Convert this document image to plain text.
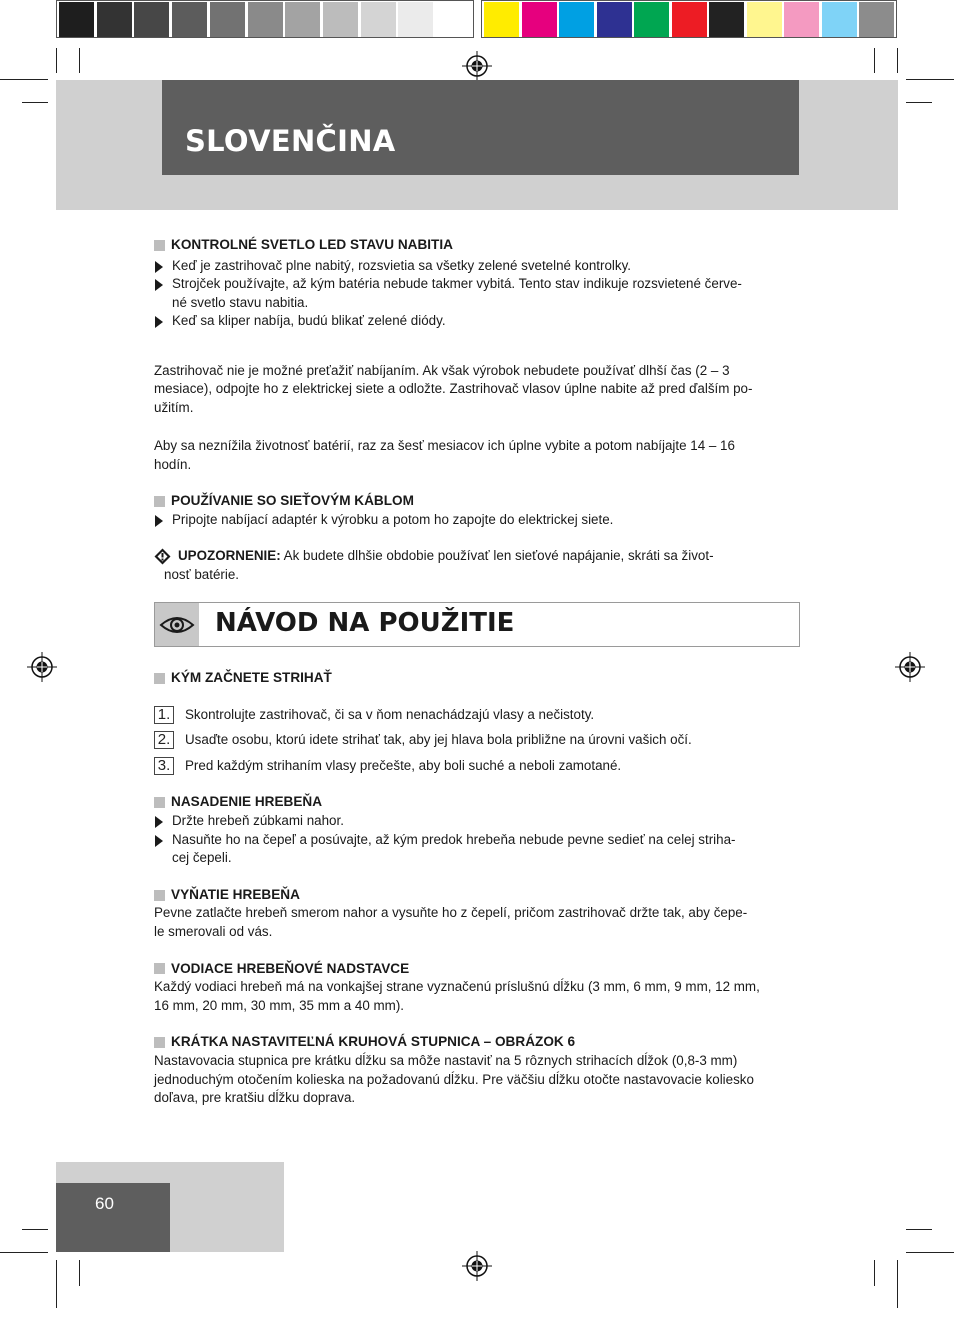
SLOVENČINA

KONTROLNÉ SVETLO LED STAVU NABITIA

Keď je zastrihovač plne nabitý, rozsvietia sa všetky zelené svetelné kontrolky.

Strojček používajte, až kým batéria nebude takmer vybitá. Tento stav indikuje rozsvietené červe-
né svetlo stavu nabitia.

Keď sa kliper nabíja, budú blikať zelené diódy.

Zastrihovač nie je možné preťažiť nabíjaním. Ak však výrobok nebudete používať dlhší čas (2 – 3
mesiace), odpojte ho z elektrickej siete a odložte. Zastrihovač vlasov úplne nabite až pred ďalším po-
užitím.

Aby sa neznížila životnosť batérií, raz za šesť mesiacov ich úplne vybite a potom nabíjajte 14 – 16
hodín.

POUŽÍVANIE SO SIEŤOVÝM KÁBLOM

Pripojte nabíjací adaptér k výrobku a potom ho zapojte do elektrickej siete.

UPOZORNENIE: Ak budete dlhšie obdobie používať len sieťové napájanie, skráti sa život-
nosť batérie.

NÁVOD NA POUŽITIE

KÝM ZAČNETE STRIHAŤ

1. Skontrolujte zastrihovač, či sa v ňom nenachádzajú vlasy a nečistoty.
2. Usaďte osobu, ktorú idete strihať tak, aby jej hlava bola približne na úrovni vašich očí.
3. Pred každým strihaním vlasy prečešte, aby boli suché a neboli zamotané.

NASADENIE HREBEŇA

Držte hrebeň zúbkami nahor.

Nasuňte ho na čepeľ a posúvajte, až kým predok hrebeňa nebude pevne sedieť na celej striha-
cej čepeli.

VYŇATIE HREBEŇA

Pevne zatlačte hrebeň smerom nahor a vysuňte ho z čepelí, pričom zastrihovač držte tak, aby čepe-
le smerovali od vás.

VODIACE HREBEŇOVÉ NADSTAVCE

Každý vodiaci hrebeň má na vonkajšej strane vyznačenú príslušnú dĺžku (3 mm, 6 mm, 9 mm, 12 mm,
16 mm, 20 mm, 30 mm, 35 mm a 40 mm).

KRÁTKA NASTAVITEĽNÁ KRUHOVÁ STUPNICA – OBRÁZOK 6

Nastavovacia stupnica pre krátku dĺžku sa môže nastaviť na 5 rôznych strihacích dĺžok (0,8-3 mm)
jednoduchým otočením kolieska na požadovanú dĺžku. Pre väčšiu dĺžku otočte nastavovacie koliesko
doľava, pre kratšiu dĺžku doprava.

60
